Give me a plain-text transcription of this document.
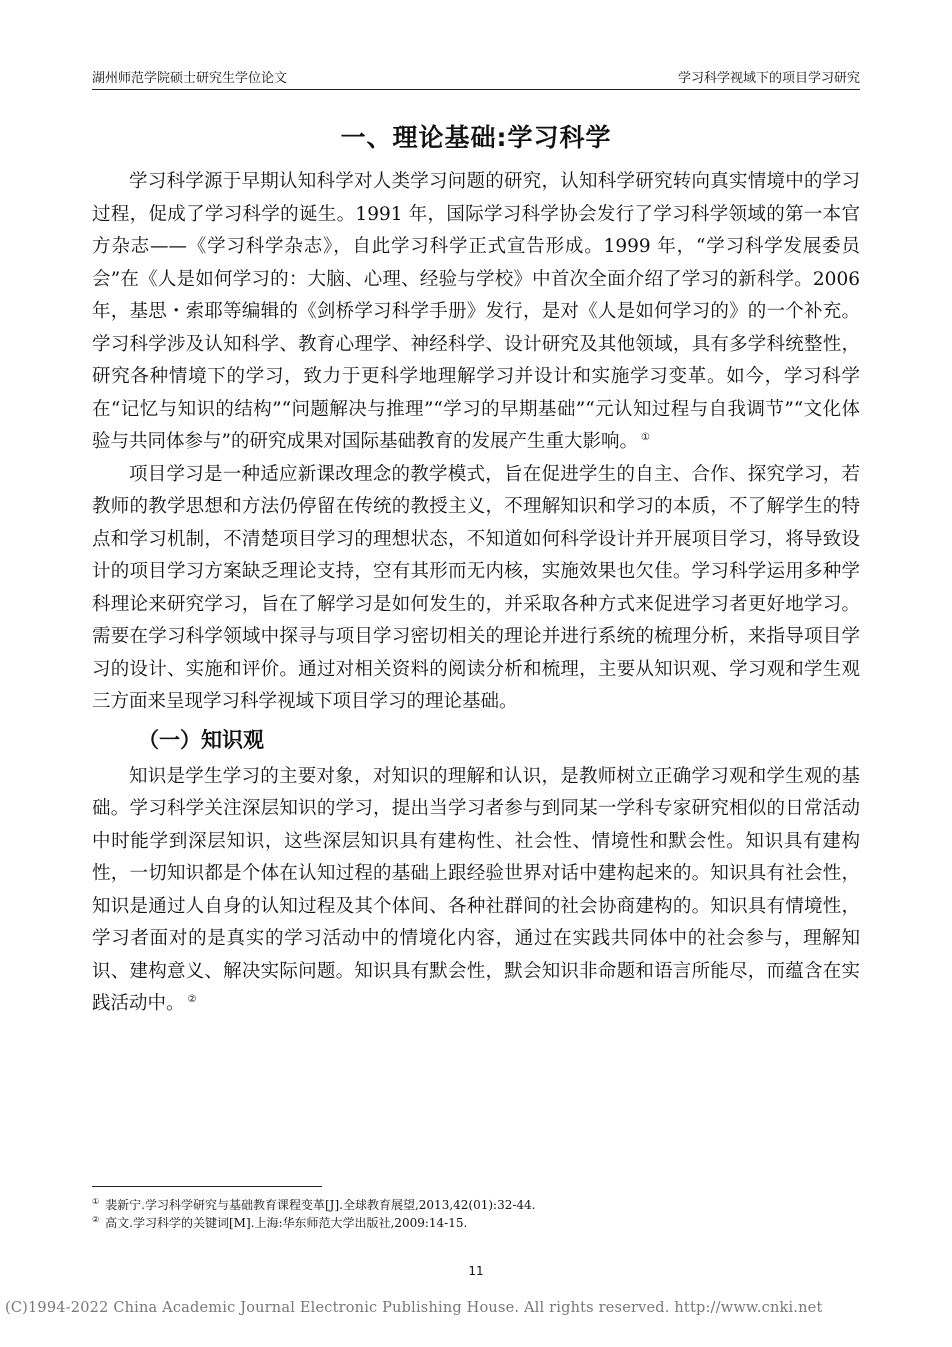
湖州师范学院硕士研究生学位论文	学习科学视域下的项目学习研究
一、理论基础:学习科学

学习科学源于早期认知科学对人类学习问题的研究，认知科学研究转向真实情境中的学习过程，促成了学习科学的诞生。1991 年，国际学习科学协会发行了学习科学领域的第一本官方杂志——《学习科学杂志》，自此学习科学正式宣告形成。1999 年，“学习科学发展委员会”在《人是如何学习的：大脑、心理、经验与学校》中首次全面介绍了学习的新科学。2006 年，基思・索耶等编辑的《剑桥学习科学手册》发行，是对《人是如何学习的》的一个补充。学习科学涉及认知科学、教育心理学、神经科学、设计研究及其他领域，具有多学科统整性，研究各种情境下的学习，致力于更科学地理解学习并设计和实施学习变革。如今，学习科学在“记忆与知识的结构”“问题解决与推理”“学习的早期基础”“元认知过程与自我调节”“文化体验与共同体参与”的研究成果对国际基础教育的发展产生重大影响。 ①

项目学习是一种适应新课改理念的教学模式，旨在促进学生的自主、合作、探究学习，若教师的教学思想和方法仍停留在传统的教授主义，不理解知识和学习的本质，不了解学生的特点和学习机制，不清楚项目学习的理想状态，不知道如何科学设计并开展项目学习，将导致设计的项目学习方案缺乏理论支持，空有其形而无内核，实施效果也欠佳。学习科学运用多种学科理论来研究学习，旨在了解学习是如何发生的，并采取各种方式来促进学习者更好地学习。需要在学习科学领域中探寻与项目学习密切相关的理论并进行系统的梳理分析，来指导项目学习的设计、实施和评价。通过对相关资料的阅读分析和梳理，主要从知识观、学习观和学生观三方面来呈现学习科学视域下项目学习的理论基础。

（一）知识观

知识是学生学习的主要对象，对知识的理解和认识，是教师树立正确学习观和学生观的基础。学习科学关注深层知识的学习，提出当学习者参与到同某一学科专家研究相似的日常活动中时能学到深层知识，这些深层知识具有建构性、社会性、情境性和默会性。知识具有建构性，一切知识都是个体在认知过程的基础上跟经验世界对话中建构起来的。知识具有社会性，知识是通过人自身的认知过程及其个体间、各种社群间的社会协商建构的。知识具有情境性，学习者面对的是真实的学习活动中的情境化内容，通过在实践共同体中的社会参与，理解知识、建构意义、解决实际问题。知识具有默会性，默会知识非命题和语言所能尽，而蕴含在实践活动中。 ②

① 裴新宁.学习科学研究与基础教育课程变革[J].全球教育展望,2013,42(01):32-44.
② 高文.学习科学的关键词[M].上海:华东师范大学出版社,2009:14-15.
11
(C)1994-2022 China Academic Journal Electronic Publishing House. All rights reserved. http://www.cnki.net
